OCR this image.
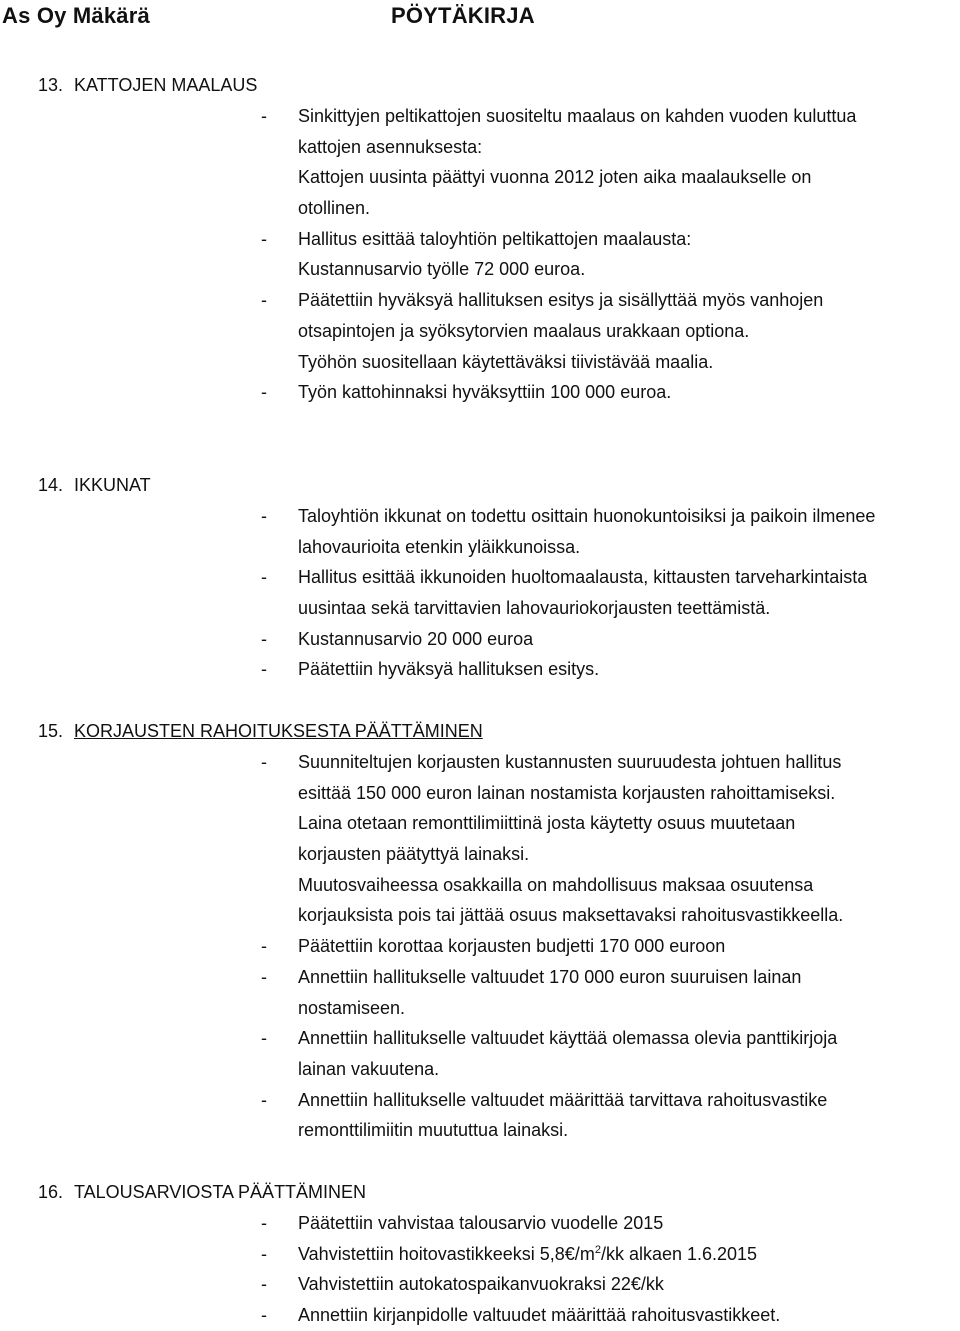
As Oy Mäkärä	PÖYTÄKIRJA
13. KATTOJEN MAALAUS
- Sinkittyjen peltikattojen suositeltu maalaus on kahden vuoden kuluttua
kattojen asennuksesta:
Kattojen uusinta päättyi vuonna 2012 joten aika maalaukselle on
otollinen.
- Hallitus esittää taloyhtiön peltikattojen maalausta:
Kustannusarvio työlle 72 000 euroa.
- Päätettiin hyväksyä hallituksen esitys ja sisällyttää myös vanhojen
otsapintojen ja syöksytorvien maalaus urakkaan optiona.
Työhön suositellaan käytettäväksi tiivistävää maalia.
- Työn kattohinnaksi hyväksyttiin 100 000 euroa.
14. IKKUNAT
- Taloyhtiön ikkunat on todettu osittain huonokuntoisiksi ja paikoin ilmenee
lahovaurioita etenkin yläikkunoissa.
- Hallitus esittää ikkunoiden huoltomaalausta, kittausten tarveharkintaista
uusintaa sekä tarvittavien lahovauriokorjausten teettämistä.
- Kustannusarvio 20 000 euroa
- Päätettiin hyväksyä hallituksen esitys.
15. KORJAUSTEN RAHOITUKSESTA PÄÄTTÄMINEN
- Suunniteltujen korjausten kustannusten suuruudesta johtuen hallitus
esittää 150 000 euron lainan nostamista korjausten rahoittamiseksi.
Laina otetaan remonttilimiittinä josta käytetty osuus muutetaan
korjausten päätyttyä lainaksi.
Muutosvaiheessa osakkailla on mahdollisuus maksaa osuutensa
korjauksista pois tai jättää osuus maksettavaksi rahoitusvastikkeella.
- Päätettiin korottaa korjausten budjetti 170 000 euroon
- Annettiin hallitukselle valtuudet 170 000 euron suuruisen lainan
nostamiseen.
- Annettiin hallitukselle valtuudet käyttää olemassa olevia panttikirjoja
lainan vakuutena.
- Annettiin hallitukselle valtuudet määrittää tarvittava rahoitusvastike
remonttilimiitin muututtua lainaksi.
16. TALOUSARVIOSTA PÄÄTTÄMINEN
- Päätettiin vahvistaa talousarvio vuodelle 2015
- Vahvistettiin hoitovastikkeeksi $5,8€/m^2/kk$ alkaen 1.6.2015
- Vahvistettiin autokatospaikanvuokraksi 22€/kk
- Annettiin kirjanpidolle valtuudet määrittää rahoitusvastikkeet.
